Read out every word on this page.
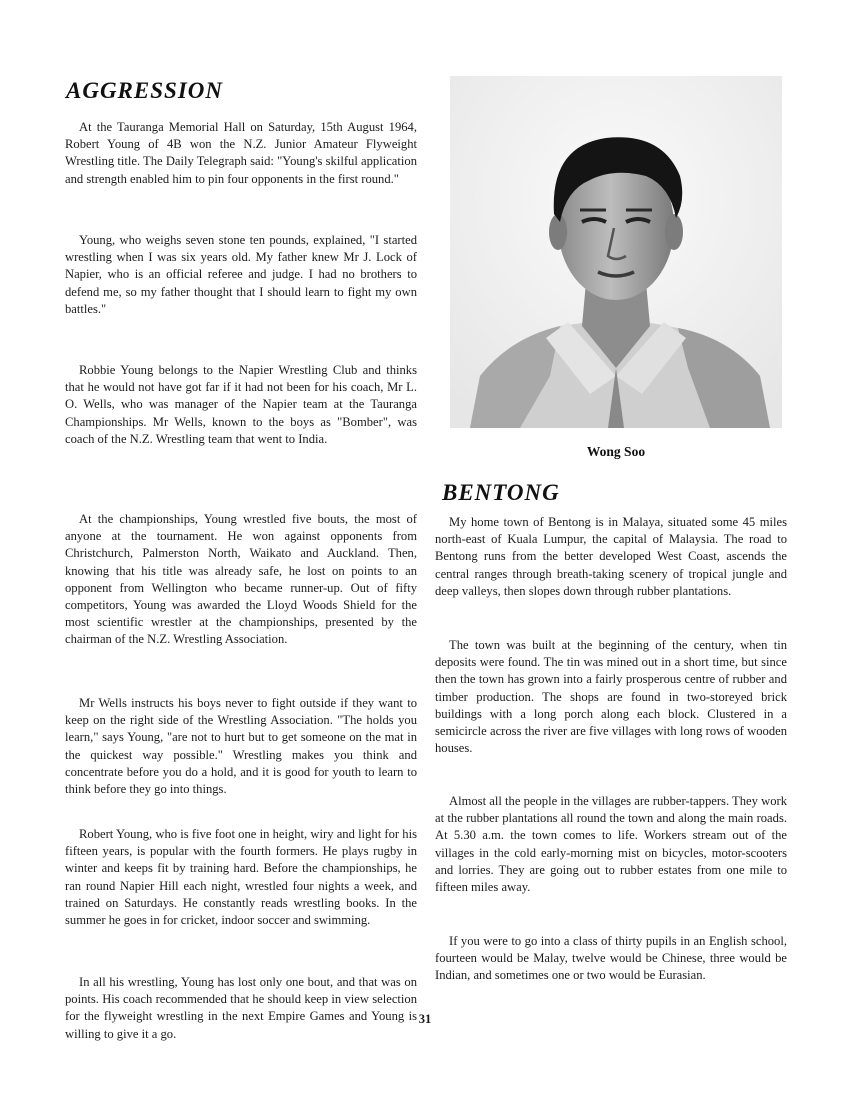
AGGRESSION

At the Tauranga Memorial Hall on Saturday, 15th August 1964, Robert Young of 4B won the N.Z. Junior Amateur Flyweight Wrestling title. The Daily Telegraph said: "Young's skilful application and strength enabled him to pin four opponents in the first round."

Young, who weighs seven stone ten pounds, explained, "I started wrestling when I was six years old. My father knew Mr J. Lock of Napier, who is an official referee and judge. I had no brothers to defend me, so my father thought that I should learn to fight my own battles."

Robbie Young belongs to the Napier Wrestling Club and thinks that he would not have got far if it had not been for his coach, Mr L. O. Wells, who was manager of the Napier team at the Tauranga Championships. Mr Wells, known to the boys as "Bomber", was coach of the N.Z. Wrestling team that went to India.

At the championships, Young wrestled five bouts, the most of anyone at the tournament. He won against opponents from Christchurch, Palmerston North, Waikato and Auckland. Then, knowing that his title was already safe, he lost on points to an opponent from Wellington who became runner-up. Out of fifty competitors, Young was awarded the Lloyd Woods Shield for the most scientific wrestler at the championships, presented by the chairman of the N.Z. Wrestling Association.

Mr Wells instructs his boys never to fight outside if they want to keep on the right side of the Wrestling Association. "The holds you learn," says Young, "are not to hurt but to get someone on the mat in the quickest way possible." Wrestling makes you think and concentrate before you do a hold, and it is good for youth to learn to think before they go into things.

Robert Young, who is five foot one in height, wiry and light for his fifteen years, is popular with the fourth formers. He plays rugby in winter and keeps fit by training hard. Before the championships, he ran round Napier Hill each night, wrestled four nights a week, and trained on Saturdays. He constantly reads wrestling books. In the summer he goes in for cricket, indoor soccer and swimming.

In all his wrestling, Young has lost only one bout, and that was on points. His coach recommended that he should keep in view selection for the flyweight wrestling in the next Empire Games and Young is willing to give it a go.

Wong Soo
BENTONG

My home town of Bentong is in Malaya, situated some 45 miles north-east of Kuala Lumpur, the capital of Malaysia. The road to Bentong runs from the better developed West Coast, ascends the central ranges through breath-taking scenery of tropical jungle and deep valleys, then slopes down through rubber plantations.

The town was built at the beginning of the century, when tin deposits were found. The tin was mined out in a short time, but since then the town has grown into a fairly prosperous centre of rubber and timber production. The shops are found in two-storeyed brick buildings with a long porch along each block. Clustered in a semicircle across the river are five villages with long rows of wooden houses.

Almost all the people in the villages are rubber-tappers. They work at the rubber plantations all round the town and along the main roads. At 5.30 a.m. the town comes to life. Workers stream out of the villages in the cold early-morning mist on bicycles, motor-scooters and lorries. They are going out to rubber estates from one mile to fifteen miles away.

If you were to go into a class of thirty pupils in an English school, fourteen would be Malay, twelve would be Chinese, three would be Indian, and sometimes one or two would be Eurasian.

31
